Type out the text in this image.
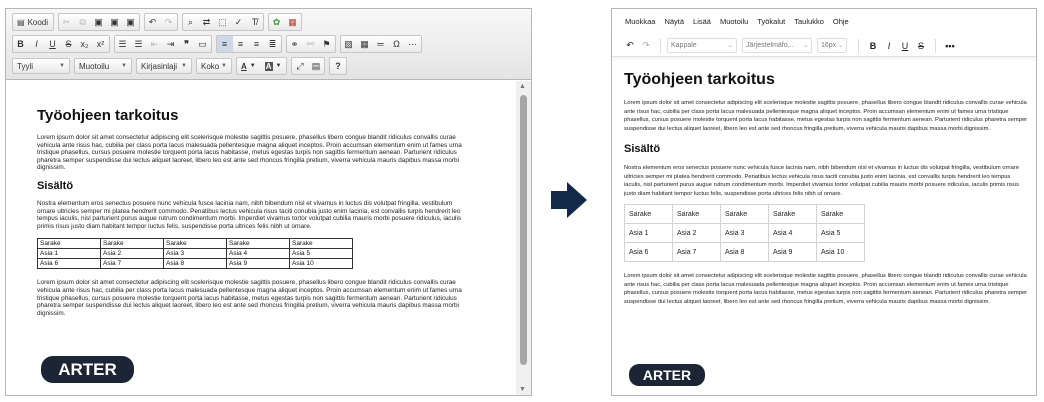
▤ Koodi	✂	⧉ ▣ ▣ ▣	↶ ↷	⌕	⇄ ⬚ ✓	T̸	✿ ▦
B	I	U	S	x₂ x²	☰ ☰ ⇤ ⇥	❞	▭	≡	≡	≡	≣	⚭ ⚯ ⚑	▨ ▦ ═	Ω ⋯
Tyyli	▼ Muotoilu ▼ Kirjasinlaji ▼ Koko ▼ A ▼ A ▼	⤢ ▤	?
Työohjeen tarkoitus

Lorem ipsum dolor sit amet consectetur adipiscing elit scelerisque molestie sagittis posuere, phasellus libero congue blandit ridiculus convallis curae vehicula ante risus hac, cubilia per class porta lacus malesuada pellentesque magna aliquet inceptos. Proin accumsan elementum enim ut fames urna tristique phasellus, cursus posuere molestie torquent porta lacus habitasse, metus egestas turpis non sagittis fermentum aenean. Parturient ridiculus pharetra semper suspendisse dui lectus aliquet laoreet, libero leo est ante sed rhoncus fringilla pretium, viverra vehicula mauris dapibus massa morbi dignissim.

Sisältö

Nostra elementum eros senectus posuere nunc vehicula fusce lacinia nam, nibh bibendum nisl et vivamus in luctus dis volutpat fringilla, vestibulum ornare ultricies semper mi platea hendrerit commodo. Penatibus lectus vehicula risus taciti conubia justo enim lacinia, est convallis turpis hendrerit leo tempus iaculis, nisl parturient purus augue rutrum condimentum morbi. Imperdiet vivamus tortor volutpat cubilia mauris morbi posuere ridiculus, iaculis primis risus justo diam habitant tempor luctus felis, suspendisse porta ultrices felis nibh ut ornare.

Sarake	Sarake	Sarake	Sarake	Sarake
Asia 1	Asia 2	Asia 3	Asia 4	Asia 5
Asia 6	Asia 7	Asia 8	Asia 9	Asia 10

Lorem ipsum dolor sit amet consectetur adipiscing elit scelerisque molestie sagittis posuere, phasellus libero congue blandit ridiculus convallis curae vehicula ante risus hac, cubilia per class porta lacus malesuada pellentesque magna aliquet inceptos. Proin accumsan elementum enim ut fames urna tristique phasellus, cursus posuere molestie torquent porta lacus habitasse, metus egestas turpis non sagittis fermentum aenean. Parturient ridiculus pharetra semper suspendisse dui lectus aliquet laoreet, libero leo est ante sed rhoncus fringilla pretium, viverra vehicula mauris dapibus massa morbi dignissim.

ARTER
▲
▼
Muokkaa Näytä Lisää Muotoilu Työkalut Taulukko Ohje
↶ ↷	Kappale	⌄ Järjestelmäfo... ⌄ 16px ⌄	B	I	U	S	•••
Työohjeen tarkoitus

Lorem ipsum dolor sit amet consectetur adipiscing elit scelerisque molestie sagittis posuere, phasellus libero congue blandit ridiculus convallis curae vehicula ante risus hac, cubilia per class porta lacus malesuada pellentesque magna aliquet inceptos. Proin accumsan elementum enim ut fames urna tristique phasellus, cursus posuere molestie torquent porta lacus habitasse, metus egestas turpis non sagittis fermentum aenean. Parturient ridiculus pharetra semper suspendisse dui lectus aliquet laoreet, libero leo est ante sed rhoncus fringilla pretium, viverra vehicula mauris dapibus massa morbi dignissim.

Sisältö

Nostra elementum eros senectus posuere nunc vehicula fusce lacinia nam, nibh bibendum nisl et vivamus in luctus dis volutpat fringilla, vestibulum ornare ultricies semper mi platea hendrerit commodo. Penatibus lectus vehicula risus taciti conubia justo enim lacinia, est convallis turpis hendrerit leo tempus iaculis, nisl parturient purus augue rutrum condimentum morbi. Imperdiet vivamus tortor volutpat cubilia mauris morbi posuere ridiculus, iaculis primis risus justo diam habitant tempor luctus felis, suspendisse porta ultrices felis nibh ut ornare.

Sarake	Sarake	Sarake	Sarake	Sarake
Asia 1	Asia 2	Asia 3	Asia 4	Asia 5
Asia 6	Asia 7	Asia 8	Asia 9	Asia 10

Lorem ipsum dolor sit amet consectetur adipiscing elit scelerisque molestie sagittis posuere, phasellus libero congue blandit ridiculus convallis curae vehicula ante risus hac, cubilia per class porta lacus malesuada pellentesque magna aliquet inceptos. Proin accumsan elementum enim ut fames urna tristique phasellus, cursus posuere molestie torquent porta lacus habitasse, metus egestas turpis non sagittis fermentum aenean. Parturient ridiculus pharetra semper suspendisse dui lectus aliquet laoreet, libero leo est ante sed rhoncus fringilla pretium, viverra vehicula mauris dapibus massa morbi dignissim.

ARTER
